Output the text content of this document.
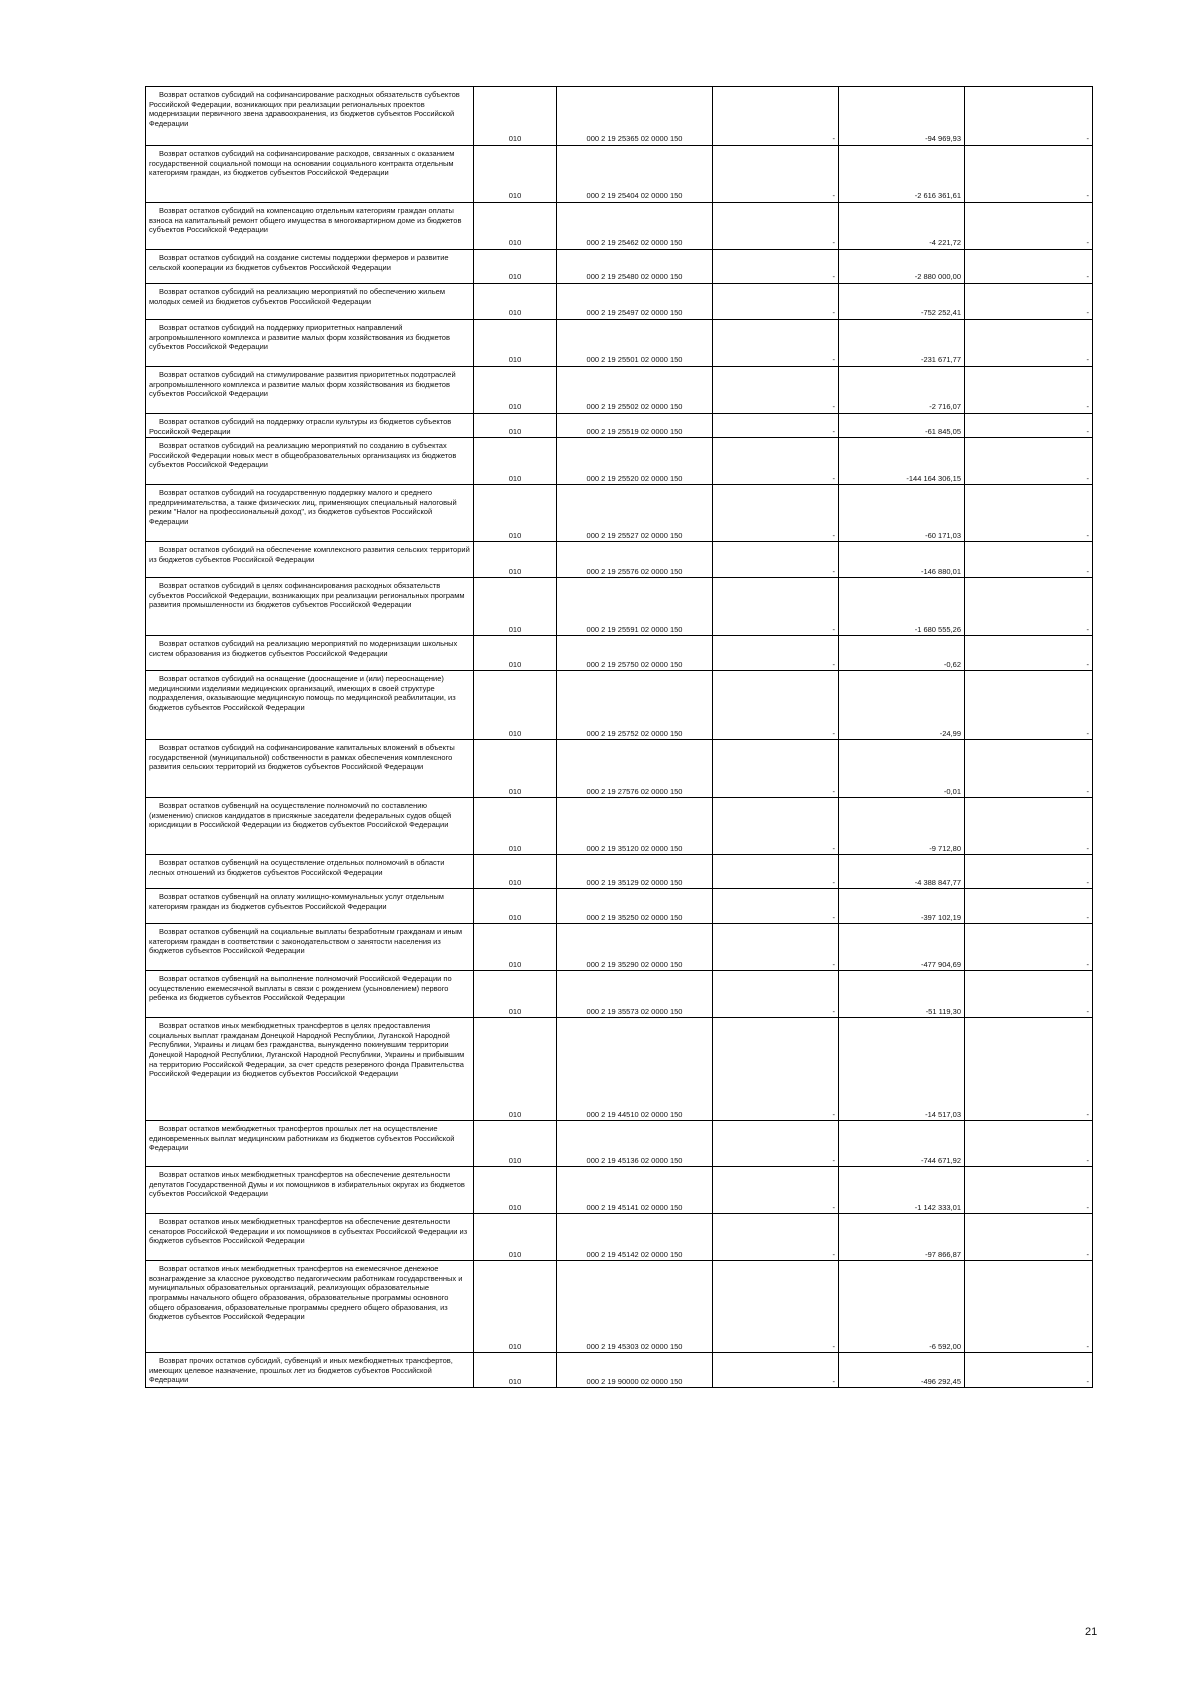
Возврат остатков субсидий на софинансирование расходных обязательств субъектов Российской Федерации, возникающих при реализации региональных проектов модернизации первичного звена здравоохранения, из бюджетов субъектов Российской Федерации	010	000 2 19 25365 02 0000 150	-	-94 969,93	-
Возврат остатков субсидий на софинансирование расходов, связанных с оказанием государственной социальной помощи на основании социального контракта отдельным категориям граждан, из бюджетов субъектов Российской Федерации	010	000 2 19 25404 02 0000 150	-	-2 616 361,61	-
Возврат остатков субсидий на компенсацию отдельным категориям граждан оплаты взноса на капитальный ремонт общего имущества в многоквартирном доме из бюджетов субъектов Российской Федерации	010	000 2 19 25462 02 0000 150	-	-4 221,72	-
Возврат остатков субсидий на создание системы поддержки фермеров и развитие сельской кооперации из бюджетов субъектов Российской Федерации	010	000 2 19 25480 02 0000 150	-	-2 880 000,00	-
Возврат остатков субсидий на реализацию мероприятий по обеспечению жильем молодых семей из бюджетов субъектов Российской Федерации	010	000 2 19 25497 02 0000 150	-	-752 252,41	-
Возврат остатков субсидий на поддержку приоритетных направлений агропромышленного комплекса и развитие малых форм хозяйствования из бюджетов субъектов Российской Федерации	010	000 2 19 25501 02 0000 150	-	-231 671,77	-
Возврат остатков субсидий на стимулирование развития приоритетных подотраслей агропромышленного комплекса и развитие малых форм хозяйствования из бюджетов субъектов Российской Федерации	010	000 2 19 25502 02 0000 150	-	-2 716,07	-
Возврат остатков субсидий на поддержку отрасли культуры из бюджетов субъектов Российской Федерации	010	000 2 19 25519 02 0000 150	-	-61 845,05	-
Возврат остатков субсидий на реализацию мероприятий по созданию в субъектах Российской Федерации новых мест в общеобразовательных организациях из бюджетов субъектов Российской Федерации	010	000 2 19 25520 02 0000 150	-	-144 164 306,15	-
Возврат остатков субсидий на государственную поддержку малого и среднего предпринимательства, а также физических лиц, применяющих специальный налоговый режим "Налог на профессиональный доход", из бюджетов субъектов Российской Федерации	010	000 2 19 25527 02 0000 150	-	-60 171,03	-
Возврат остатков субсидий на обеспечение комплексного развития сельских территорий из бюджетов субъектов Российской Федерации	010	000 2 19 25576 02 0000 150	-	-146 880,01	-
Возврат остатков субсидий в целях софинансирования расходных обязательств субъектов Российской Федерации, возникающих при реализации региональных программ развития промышленности из бюджетов субъектов Российской Федерации	010	000 2 19 25591 02 0000 150	-	-1 680 555,26	-
Возврат остатков субсидий на реализацию мероприятий по модернизации школьных систем образования из бюджетов субъектов Российской Федерации	010	000 2 19 25750 02 0000 150	-	-0,62	-
Возврат остатков субсидий на оснащение (дооснащение и (или) переоснащение) медицинскими изделиями медицинских организаций, имеющих в своей структуре подразделения, оказывающие медицинскую помощь по медицинской реабилитации, из бюджетов субъектов Российской Федерации	010	000 2 19 25752 02 0000 150	-	-24,99	-
Возврат остатков субсидий на софинансирование капитальных вложений в объекты государственной (муниципальной) собственности в рамках обеспечения комплексного развития сельских территорий из бюджетов субъектов Российской Федерации	010	000 2 19 27576 02 0000 150	-	-0,01	-
Возврат остатков субвенций на осуществление полномочий по составлению (изменению) списков кандидатов в присяжные заседатели федеральных судов общей юрисдикции в Российской Федерации из бюджетов субъектов Российской Федерации	010	000 2 19 35120 02 0000 150	-	-9 712,80	-
Возврат остатков субвенций на осуществление отдельных полномочий в области лесных отношений из бюджетов субъектов Российской Федерации	010	000 2 19 35129 02 0000 150	-	-4 388 847,77	-
Возврат остатков субвенций на оплату жилищно-коммунальных услуг отдельным категориям граждан из бюджетов субъектов Российской Федерации	010	000 2 19 35250 02 0000 150	-	-397 102,19	-
Возврат остатков субвенций на социальные выплаты безработным гражданам и иным категориям граждан в соответствии с законодательством о занятости населения из бюджетов субъектов Российской Федерации	010	000 2 19 35290 02 0000 150	-	-477 904,69	-
Возврат остатков субвенций на выполнение полномочий Российской Федерации по осуществлению ежемесячной выплаты в связи с рождением (усыновлением) первого ребенка из бюджетов субъектов Российской Федерации	010	000 2 19 35573 02 0000 150	-	-51 119,30	-
Возврат остатков иных межбюджетных трансфертов в целях предоставления социальных выплат гражданам Донецкой Народной Республики, Луганской Народной Республики, Украины и лицам без гражданства, вынужденно покинувшим территории Донецкой Народной Республики, Луганской Народной Республики, Украины и прибывшим на территорию Российской Федерации, за счет средств резервного фонда Правительства Российской Федерации из бюджетов субъектов Российской Федерации	010	000 2 19 44510 02 0000 150	-	-14 517,03	-
Возврат остатков межбюджетных трансфертов прошлых лет на осуществление единовременных выплат медицинским работникам из бюджетов субъектов Российской Федерации	010	000 2 19 45136 02 0000 150	-	-744 671,92	-
Возврат остатков иных межбюджетных трансфертов на обеспечение деятельности депутатов Государственной Думы и их помощников в избирательных округах из бюджетов субъектов Российской Федерации	010	000 2 19 45141 02 0000 150	-	-1 142 333,01	-
Возврат остатков иных межбюджетных трансфертов на обеспечение деятельности сенаторов Российской Федерации и их помощников в субъектах Российской Федерации из бюджетов субъектов Российской Федерации	010	000 2 19 45142 02 0000 150	-	-97 866,87	-
Возврат остатков иных межбюджетных трансфертов на ежемесячное денежное вознаграждение за классное руководство педагогическим работникам государственных и муниципальных образовательных организаций, реализующих образовательные программы начального общего образования, образовательные программы основного общего образования, образовательные программы среднего общего образования, из бюджетов субъектов Российской Федерации	010	000 2 19 45303 02 0000 150	-	-6 592,00	-
Возврат прочих остатков субсидий, субвенций и иных межбюджетных трансфертов, имеющих целевое назначение, прошлых лет из бюджетов субъектов Российской Федерации	010	000 2 19 90000 02 0000 150	-	-496 292,45	-
21
